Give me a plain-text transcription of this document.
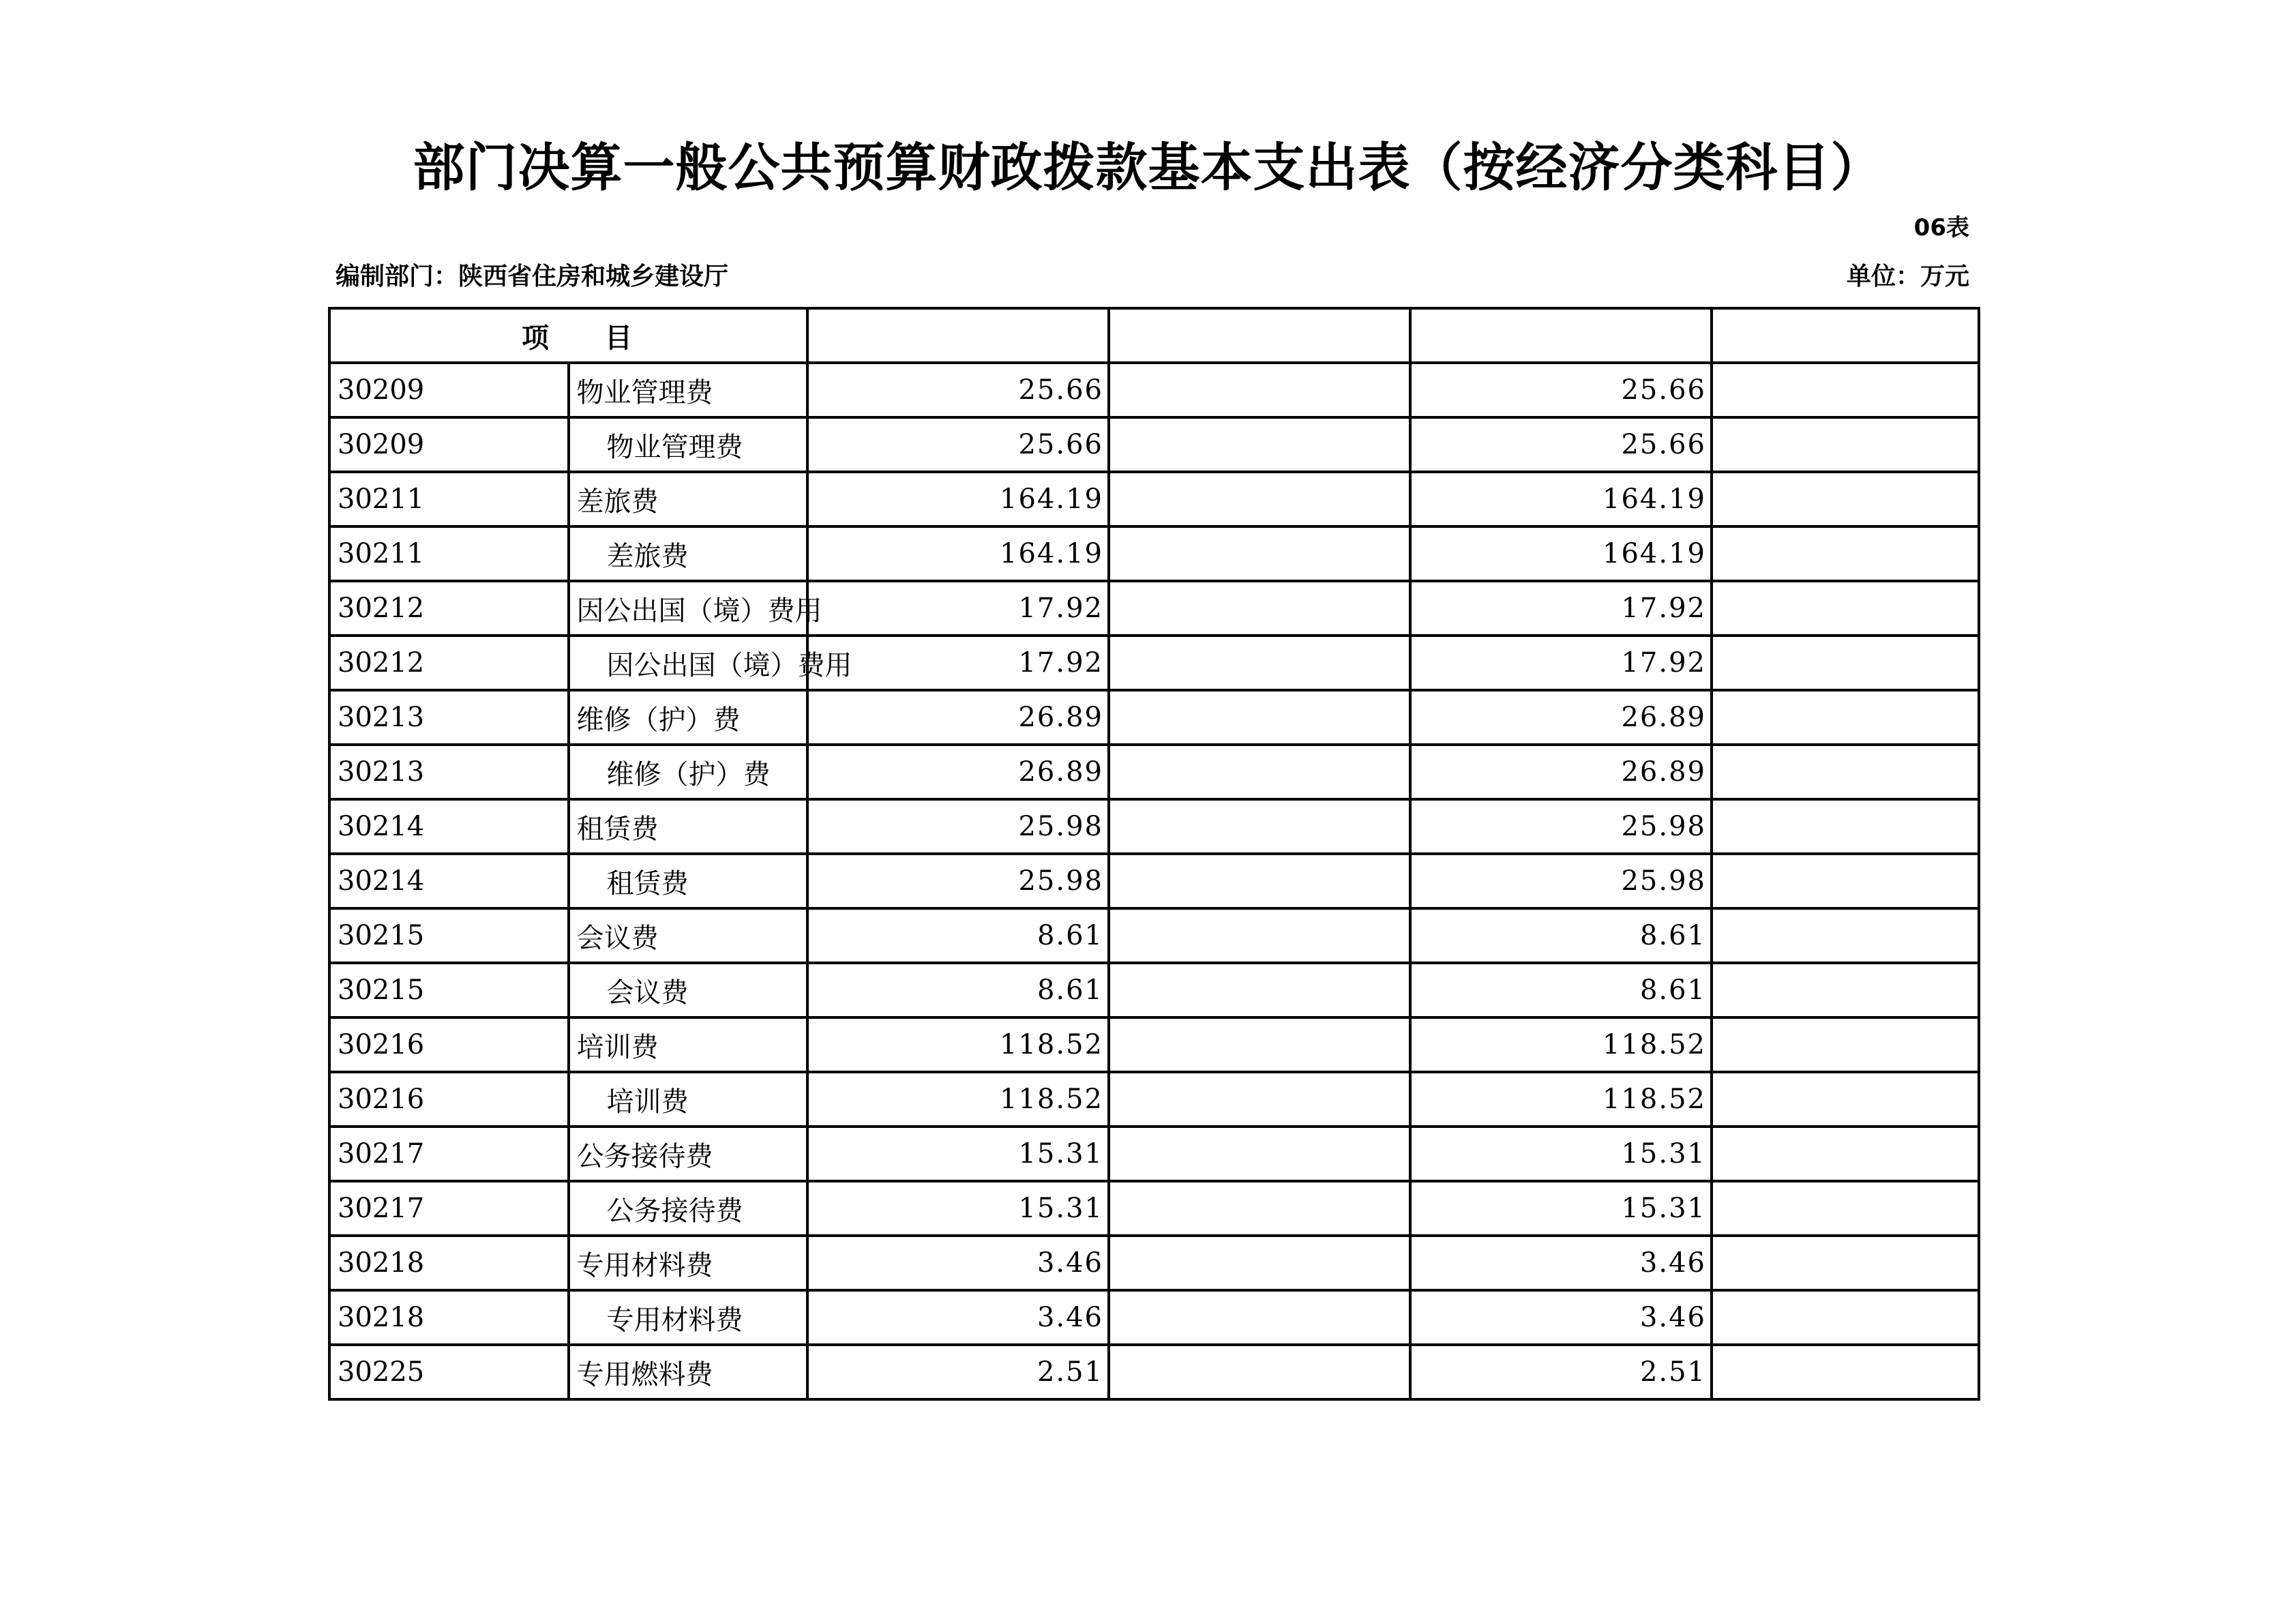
部门决算一般公共预算财政拨款基本支出表（按经济分类科目）
06表
编制部门：陕西省住房和城乡建设厅	单位：万元
项 目					
30209	物业管理费	25.66		25.66	
30209	物业管理费	25.66		25.66	
30211	差旅费	164.19		164.19	
30211	差旅费	164.19		164.19	
30212	因公出国（境）费用	17.92		17.92	
30212	因公出国（境）费用	17.92		17.92	
30213	维修（护）费	26.89		26.89	
30213	维修（护）费	26.89		26.89	
30214	租赁费	25.98		25.98	
30214	租赁费	25.98		25.98	
30215	会议费	8.61		8.61	
30215	会议费	8.61		8.61	
30216	培训费	118.52		118.52	
30216	培训费	118.52		118.52	
30217	公务接待费	15.31		15.31	
30217	公务接待费	15.31		15.31	
30218	专用材料费	3.46		3.46	
30218	专用材料费	3.46		3.46	
30225	专用燃料费	2.51		2.51	
